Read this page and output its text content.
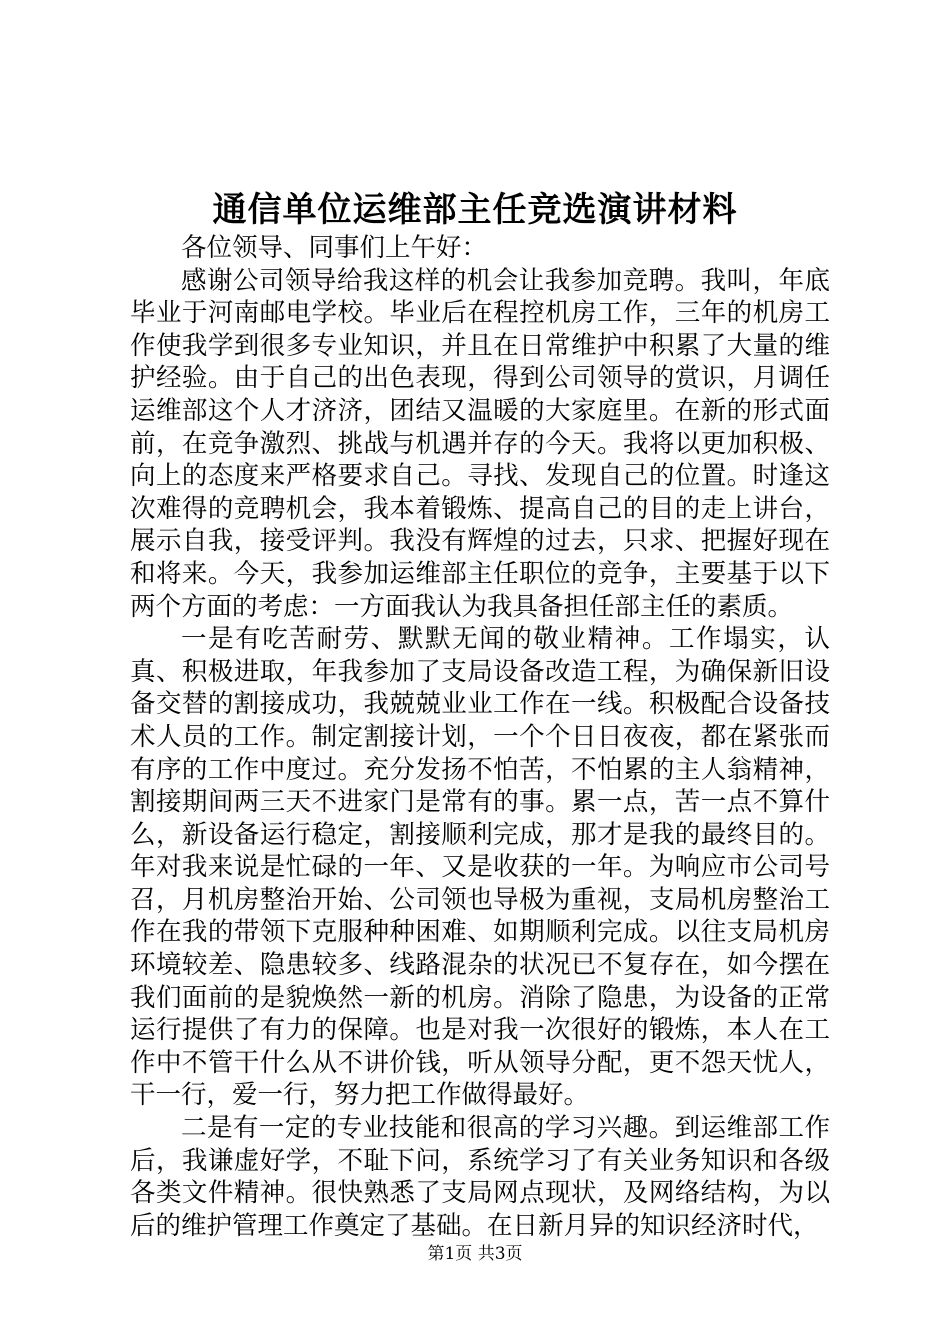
通信单位运维部主任竞选演讲材料

各位领导、同事们上午好：

感谢公司领导给我这样的机会让我参加竞聘。我叫，年底毕业于河南邮电学校。毕业后在程控机房工作，三年的机房工作使我学到很多专业知识，并且在日常维护中积累了大量的维护经验。由于自己的出色表现，得到公司领导的赏识，月调任运维部这个人才济济，团结又温暖的大家庭里。在新的形式面前，在竞争激烈、挑战与机遇并存的今天。我将以更加积极、向上的态度来严格要求自己。寻找、发现自己的位置。时逢这次难得的竞聘机会，我本着锻炼、提高自己的目的走上讲台，展示自我，接受评判。我没有辉煌的过去，只求、把握好现在和将来。今天，我参加运维部主任职位的竞争，主要基于以下两个方面的考虑：一方面我认为我具备担任部主任的素质。

一是有吃苦耐劳、默默无闻的敬业精神。工作塌实，认真、积极进取，年我参加了支局设备改造工程，为确保新旧设备交替的割接成功，我兢兢业业工作在一线。积极配合设备技术人员的工作。制定割接计划，一个个日日夜夜，都在紧张而有序的工作中度过。充分发扬不怕苦，不怕累的主人翁精神，割接期间两三天不进家门是常有的事。累一点，苦一点不算什么，新设备运行稳定，割接顺利完成，那才是我的最终目的。年对我来说是忙碌的一年、又是收获的一年。为响应市公司号召，月机房整治开始、公司领也导极为重视，支局机房整治工作在我的带领下克服种种困难、如期顺利完成。以往支局机房环境较差、隐患较多、线路混杂的状况已不复存在，如今摆在我们面前的是貌焕然一新的机房。消除了隐患，为设备的正常运行提供了有力的保障。也是对我一次很好的锻炼，本人在工作中不管干什么从不讲价钱，听从领导分配，更不怨天忧人，干一行，爱一行，努力把工作做得最好。

二是有一定的专业技能和很高的学习兴趣。到运维部工作后，我谦虚好学，不耻下问，系统学习了有关业务知识和各级各类文件精神。很快熟悉了支局网点现状，及网络结构，为以后的维护管理工作奠定了基础。在日新月异的知识经济时代，

第1页 共3页
